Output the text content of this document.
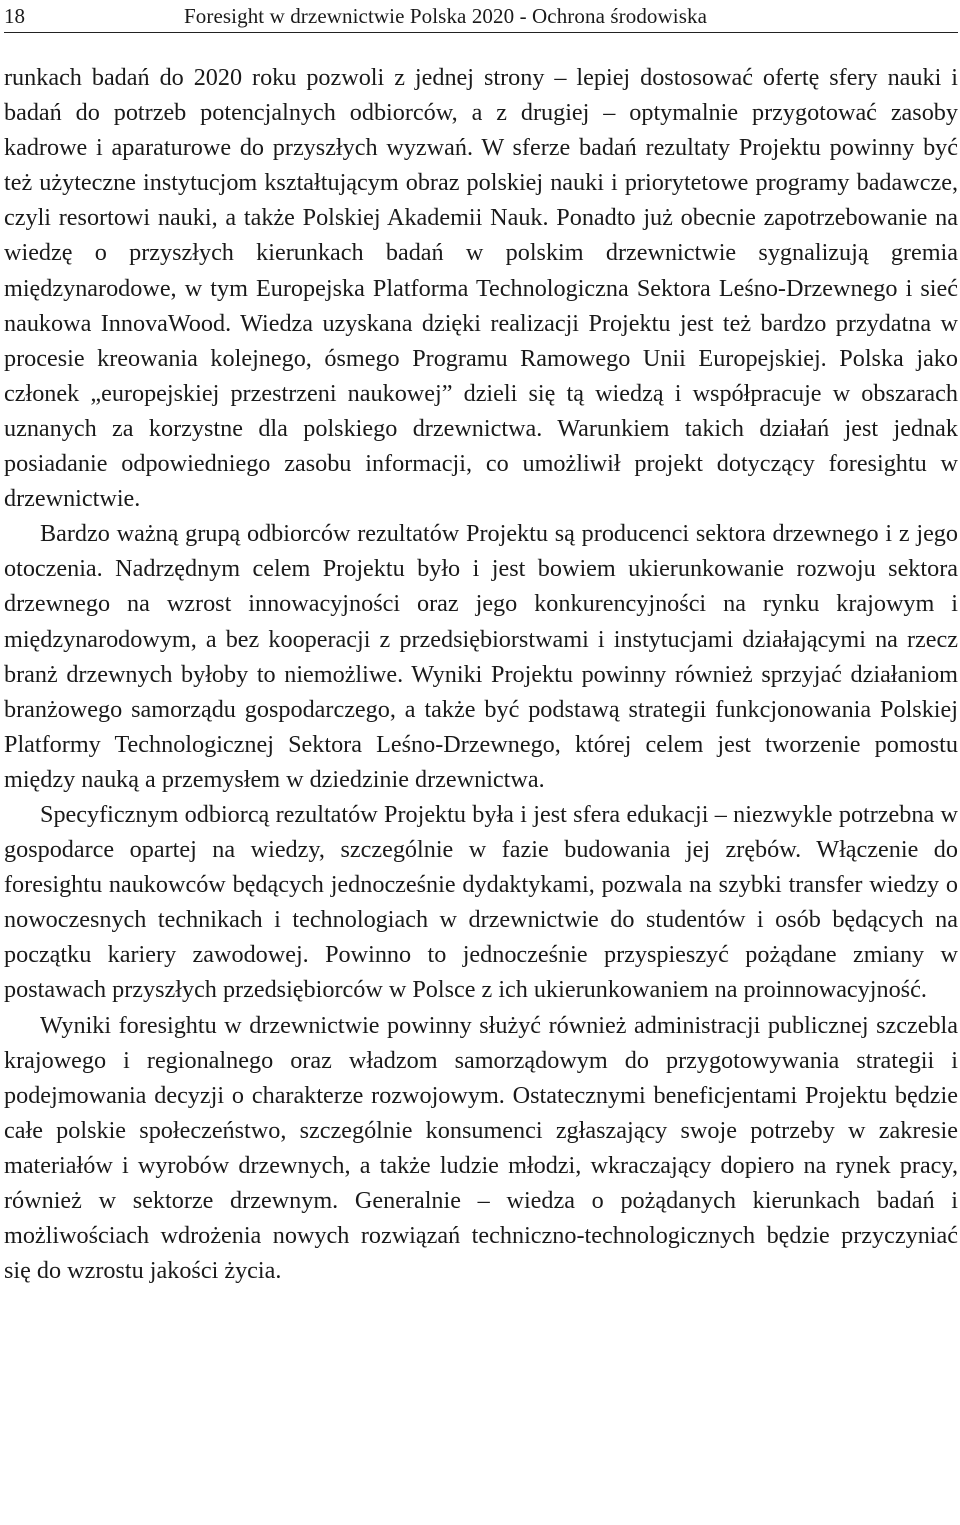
18	Foresight w drzewnictwie Polska 2020 - Ochrona środowiska

runkach badań do 2020 roku pozwoli z jednej strony – lepiej dostosować ofertę sfery nauki i badań do potrzeb potencjalnych odbiorców, a z drugiej – optymalnie przygotować zasoby kadrowe i aparaturowe do przyszłych wyzwań. W sferze badań rezultaty Projektu powinny być też użyteczne instytucjom kształtującym obraz polskiej nauki i priorytetowe programy badawcze, czyli resortowi nauki, a także Polskiej Akademii Nauk. Ponadto już obecnie zapotrzebowanie na wiedzę o przyszłych kierunkach badań w polskim drzewnictwie sygnalizują gremia międzynarodowe, w tym Europejska Platforma Technologiczna Sektora Leśno-Drzewnego i sieć naukowa InnovaWood. Wiedza uzyskana dzięki realizacji Projektu jest też bardzo przydatna w procesie kreowania kolejnego, ósmego Programu Ramowego Unii Europejskiej. Polska jako członek „europejskiej przestrzeni naukowej” dzieli się tą wiedzą i współpracuje w obszarach uznanych za korzystne dla polskiego drzewnictwa. Warunkiem takich działań jest jednak posiadanie odpowiedniego zasobu informacji, co umożliwił projekt dotyczący foresightu w drzewnictwie.

Bardzo ważną grupą odbiorców rezultatów Projektu są producenci sektora drzewnego i z jego otoczenia. Nadrzędnym celem Projektu było i jest bowiem ukierunkowanie rozwoju sektora drzewnego na wzrost innowacyjności oraz jego konkurencyjności na rynku krajowym i międzynarodowym, a bez kooperacji z przedsiębiorstwami i instytucjami działającymi na rzecz branż drzewnych byłoby to niemożliwe. Wyniki Projektu powinny również sprzyjać działaniom branżowego samorządu gospodarczego, a także być podstawą strategii funkcjonowania Polskiej Platformy Technologicznej Sektora Leśno-Drzewnego, której celem jest tworzenie pomostu między nauką a przemysłem w dziedzinie drzewnictwa.

Specyficznym odbiorcą rezultatów Projektu była i jest sfera edukacji – niezwykle potrzebna w gospodarce opartej na wiedzy, szczególnie w fazie budowania jej zrębów. Włączenie do foresightu naukowców będących jednocześnie dydaktykami, pozwala na szybki transfer wiedzy o nowoczesnych technikach i technologiach w drzewnictwie do studentów i osób będących na początku kariery zawodowej. Powinno to jednocześnie przyspieszyć pożądane zmiany w postawach przyszłych przedsiębiorców w Polsce z ich ukierunkowaniem na proinnowacyjność.

Wyniki foresightu w drzewnictwie powinny służyć również administracji publicznej szczebla krajowego i regionalnego oraz władzom samorządowym do przygotowywania strategii i podejmowania decyzji o charakterze rozwojowym. Ostatecznymi beneficjentami Projektu będzie całe polskie społeczeństwo, szczególnie konsumenci zgłaszający swoje potrzeby w zakresie materiałów i wyrobów drzewnych, a także ludzie młodzi, wkraczający dopiero na rynek pracy, również w sektorze drzewnym. Generalnie – wiedza o pożądanych kierunkach badań i możliwościach wdrożenia nowych rozwiązań techniczno-technologicznych będzie przyczyniać się do wzrostu jakości życia.
